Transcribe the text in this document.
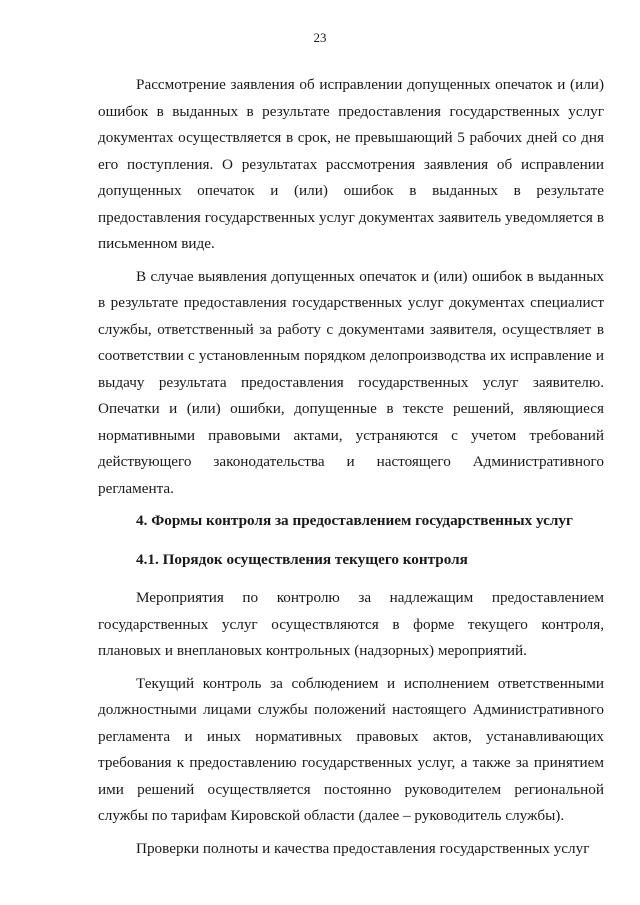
23

Рассмотрение заявления об исправлении допущенных опечаток и (или) ошибок в выданных в результате предоставления государственных услуг документах осуществляется в срок, не превышающий 5 рабочих дней со дня его поступления. О результатах рассмотрения заявления об исправлении допущенных опечаток и (или) ошибок в выданных в результате предоставления государственных услуг документах заявитель уведомляется в письменном виде.

В случае выявления допущенных опечаток и (или) ошибок в выданных в результате предоставления государственных услуг документах специалист службы, ответственный за работу с документами заявителя, осуществляет в соответствии с установленным порядком делопроизводства их исправление и выдачу результата предоставления государственных услуг заявителю. Опечатки и (или) ошибки, допущенные в тексте решений, являющиеся нормативными правовыми актами, устраняются с учетом требований действующего законодательства и настоящего Административного регламента.

4. Формы контроля за предоставлением государственных услуг

4.1. Порядок осуществления текущего контроля

Мероприятия по контролю за надлежащим предоставлением государственных услуг осуществляются в форме текущего контроля, плановых и внеплановых контрольных (надзорных) мероприятий.

Текущий контроль за соблюдением и исполнением ответственными должностными лицами службы положений настоящего Административного регламента и иных нормативных правовых актов, устанавливающих требования к предоставлению государственных услуг, а также за принятием ими решений осуществляется постоянно руководителем региональной службы по тарифам Кировской области (далее – руководитель службы).

Проверки полноты и качества предоставления государственных услуг
